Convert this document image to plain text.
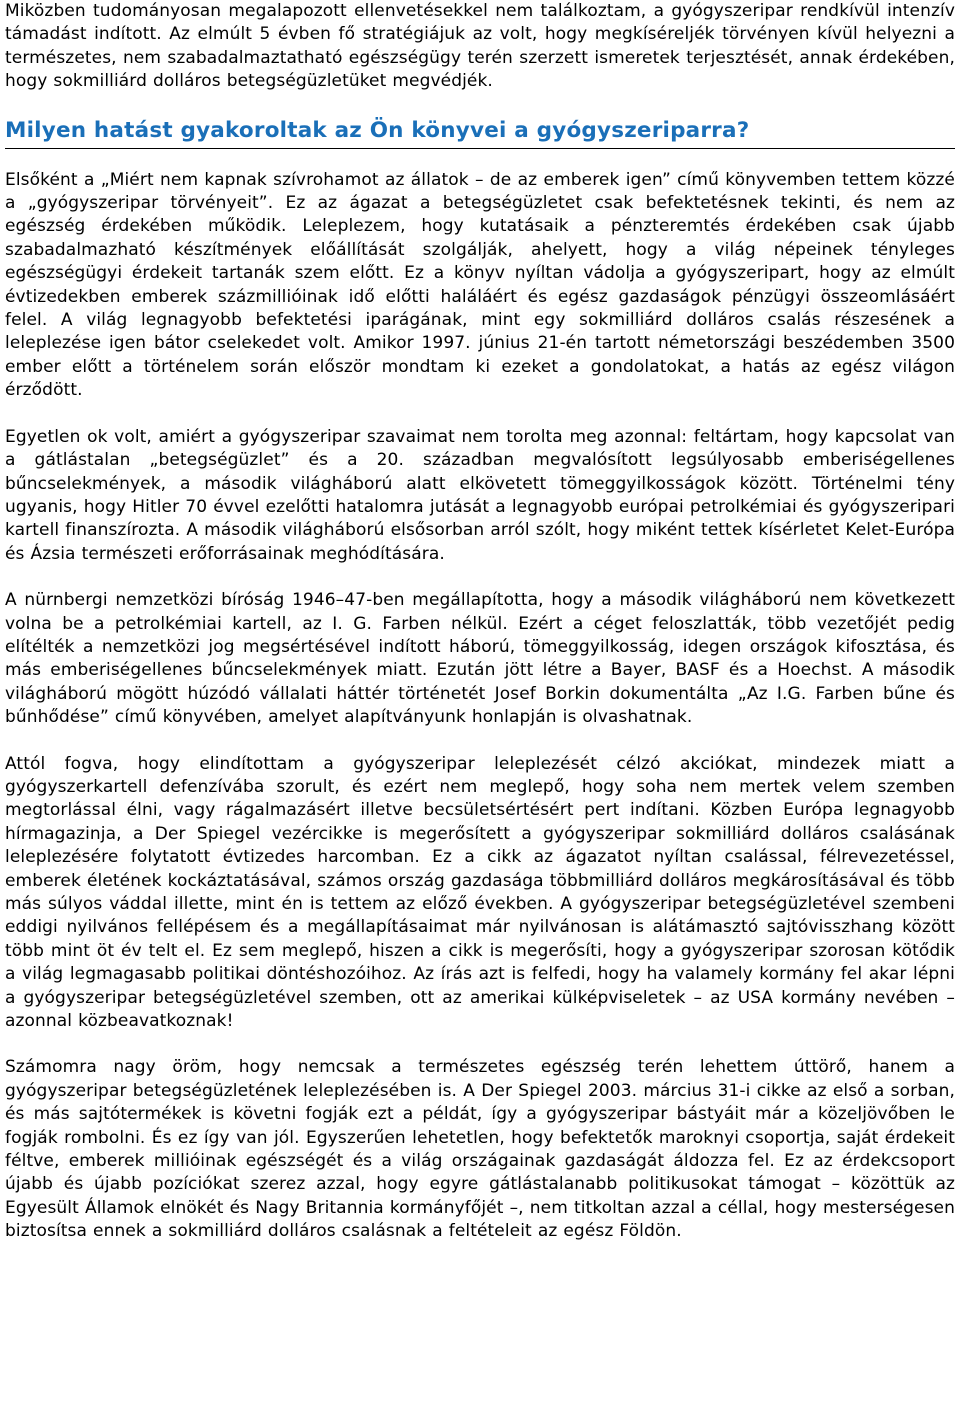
Miközben tudományosan megalapozott ellenvetésekkel nem találkoztam, a gyógyszeripar rendkívül intenzív támadást indított. Az elmúlt 5 évben fő stratégiájuk az volt, hogy megkíséreljék törvényen kívül helyezni a természetes, nem szabadalmaztatható egészségügy terén szerzett ismeretek terjesztését, annak érdekében, hogy sokmilliárd dolláros betegségüzletüket megvédjék.

Milyen hatást gyakoroltak az Ön könyvei a gyógyszeriparra?

Elsőként a „Miért nem kapnak szívrohamot az állatok – de az emberek igen” című könyvemben tettem közzé a „gyógyszeripar törvényeit”. Ez az ágazat a betegségüzletet csak befektetésnek tekinti, és nem az egészség érdekében működik. Leleplezem, hogy kutatásaik a pénzteremtés érdekében csak újabb szabadalmazható készítmények előállítását szolgálják, ahelyett, hogy a világ népeinek tényleges egészségügyi érdekeit tartanák szem előtt. Ez a könyv nyíltan vádolja a gyógyszeripart, hogy az elmúlt évtizedekben emberek százmillióinak idő előtti haláláért és egész gazdaságok pénzügyi összeomlásáért felel. A világ legnagyobb befektetési iparágának, mint egy sokmilliárd dolláros csalás részesének a leleplezése igen bátor cselekedet volt. Amikor 1997. június 21-én tartott németországi beszédemben 3500 ember előtt a történelem során először mondtam ki ezeket a gondolatokat, a hatás az egész világon érződött.

Egyetlen ok volt, amiért a gyógyszeripar szavaimat nem torolta meg azonnal: feltártam, hogy kapcsolat van a gátlástalan „betegségüzlet” és a 20. században megvalósított legsúlyosabb emberiségellenes bűncselekmények, a második világháború alatt elkövetett tömeggyilkosságok között. Történelmi tény ugyanis, hogy Hitler 70 évvel ezelőtti hatalomra jutását a legnagyobb európai petrolkémiai és gyógyszeripari kartell finanszírozta. A második világháború elsősorban arról szólt, hogy miként tettek kísérletet Kelet-Európa és Ázsia természeti erőforrásainak meghódítására.

A nürnbergi nemzetközi bíróság 1946–47-ben megállapította, hogy a második világháború nem következett volna be a petrolkémiai kartell, az I. G. Farben nélkül. Ezért a céget feloszlatták, több vezetőjét pedig elítélték a nemzetközi jog megsértésével indított háború, tömeggyilkosság, idegen országok kifosztása, és más emberiségellenes bűncselekmények miatt. Ezután jött létre a Bayer, BASF és a Hoechst. A második világháború mögött húzódó vállalati háttér történetét Josef Borkin dokumentálta „Az I.G. Farben bűne és bűnhődése” című könyvében, amelyet alapítványunk honlapján is olvashatnak.

Attól fogva, hogy elindítottam a gyógyszeripar leleplezését célzó akciókat, mindezek miatt a gyógyszerkartell defenzívába szorult, és ezért nem meglepő, hogy soha nem mertek velem szemben megtorlással élni, vagy rágalmazásért illetve becsületsértésért pert indítani. Közben Európa legnagyobb hírmagazinja, a Der Spiegel vezércikke is megerősített a gyógyszeripar sokmilliárd dolláros csalásának leleplezésére folytatott évtizedes harcomban. Ez a cikk az ágazatot nyíltan csalással, félrevezetéssel, emberek életének kockáztatásával, számos ország gazdasága többmilliárd dolláros megkárosításával és több más súlyos váddal illette, mint én is tettem az előző években. A gyógyszeripar betegségüzletével szembeni eddigi nyilvános fellépésem és a megállapításaimat már nyilvánosan is alátámasztó sajtóvisszhang között több mint öt év telt el. Ez sem meglepő, hiszen a cikk is megerősíti, hogy a gyógyszeripar szorosan kötődik a világ legmagasabb politikai döntéshozóihoz. Az írás azt is felfedi, hogy ha valamely kormány fel akar lépni a gyógyszeripar betegségüzletével szemben, ott az amerikai külképviseletek – az USA kormány nevében – azonnal közbeavatkoznak!

Számomra nagy öröm, hogy nemcsak a természetes egészség terén lehettem úttörő, hanem a gyógyszeripar betegségüzletének leleplezésében is. A Der Spiegel 2003. március 31-i cikke az első a sorban, és más sajtótermékek is követni fogják ezt a példát, így a gyógyszeripar bástyáit már a közeljövőben le fogják rombolni. És ez így van jól. Egyszerűen lehetetlen, hogy befektetők maroknyi csoportja, saját érdekeit féltve, emberek millióinak egészségét és a világ országainak gazdaságát áldozza fel. Ez az érdekcsoport újabb és újabb pozíciókat szerez azzal, hogy egyre gátlástalanabb politikusokat támogat – közöttük az Egyesült Államok elnökét és Nagy Britannia kormányfőjét –, nem titkoltan azzal a céllal, hogy mesterségesen biztosítsa ennek a sokmilliárd dolláros csalásnak a feltételeit az egész Földön.
